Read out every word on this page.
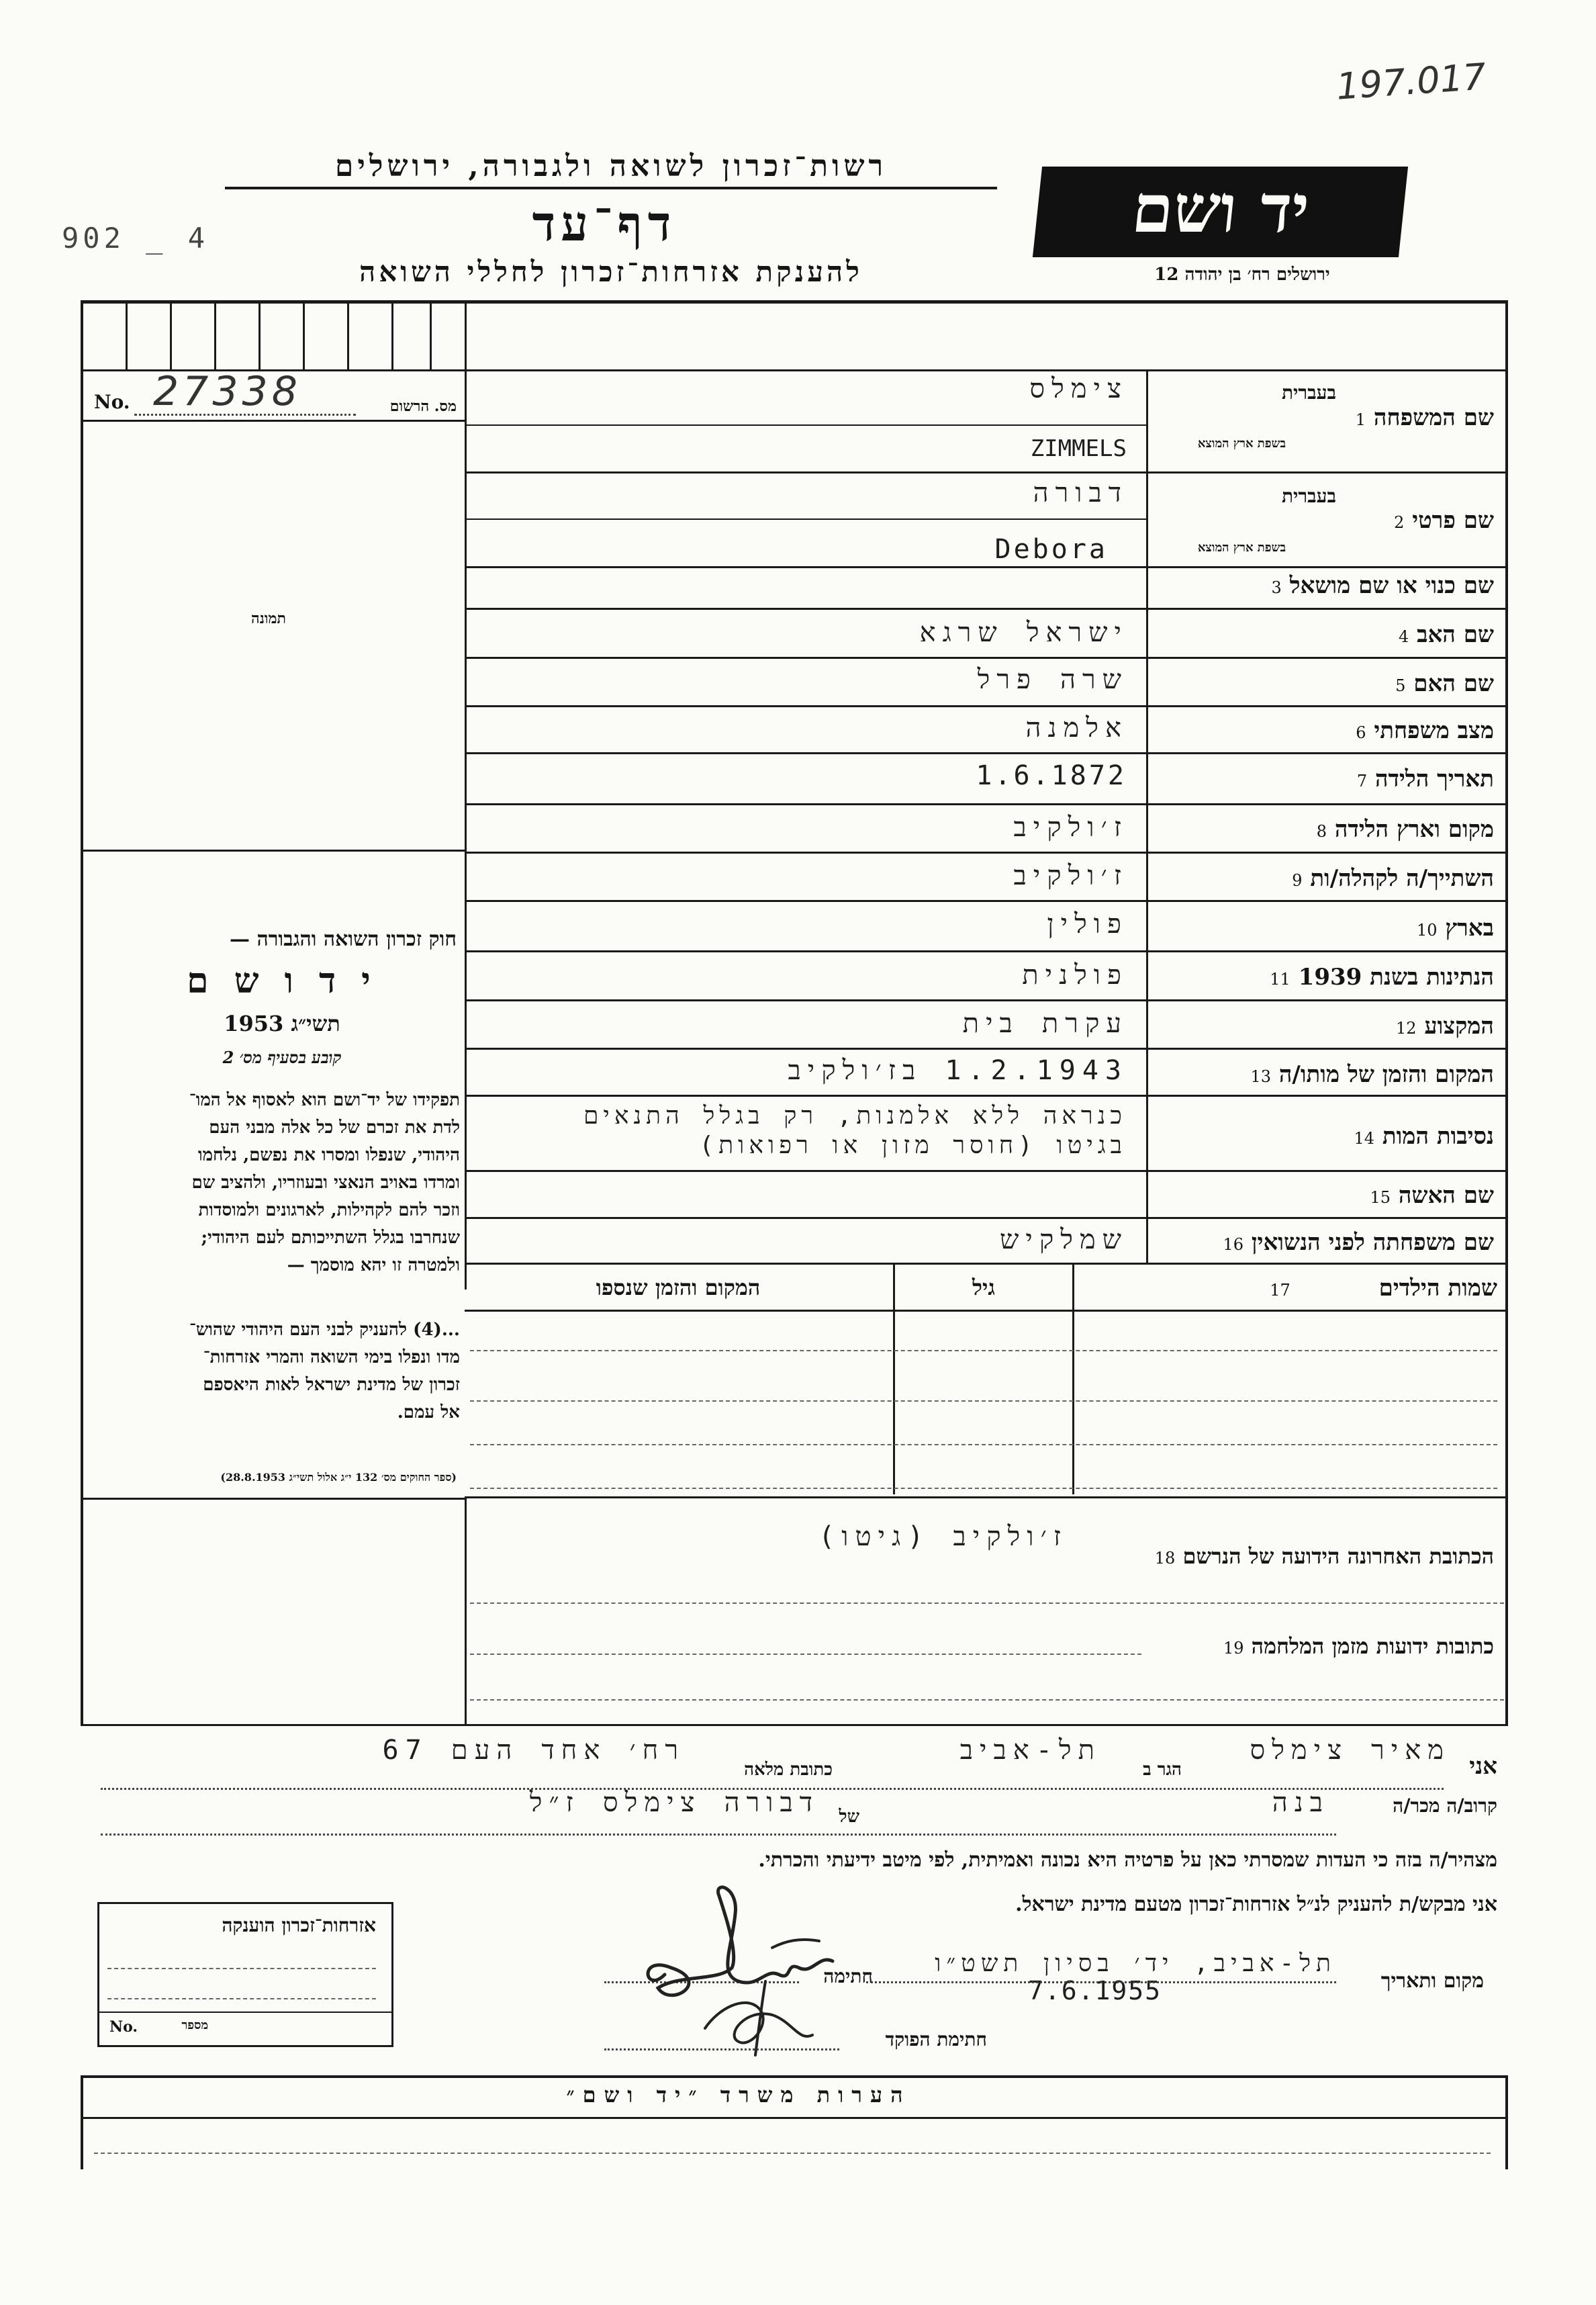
197.017
902 _ 4
רשות־זכרון לשואה ולגבורה, ירושלים
דף־עד
להענקת אזרחות־זכרון לחללי השואה
יד ושם
ירושלים רח׳ בן יהודה 12
No. 27338	מס. הרשום
תמונה
חוק זכרון השואה והגבורה —
י ד ו ש ם
תשי״ג 1953
קובע בסעיף מס׳ 2
תפקידו של יד־ושם הוא לאסוף אל המו־
לדת את זכרם של כל אלה מבני העם
היהודי, שנפלו ומסרו את נפשם, נלחמו
ומרדו באויב הנאצי ובעוזריו, ולהציב שם
וזכר להם לקהילות, לארגונים ולמוסדות
שנחרבו בגלל השתייכותם לעם היהודי;
ולמטרה זו יהא מוסמך —
...(4) להעניק לבני העם היהודי שהוש־
מדו ונפלו בימי השואה והמרי אזרחות־
זכרון של מדינת ישראל לאות היאספם
אל עמם.
(ספר החוקים מס׳ 132 י״ג אלול תשי״ג 28.8.1953)
שם המשפחה 1
בעברית
בשפת ארץ המוצא
צימלס
ZIMMELS
שם פרטי 2
בעברית
בשפת ארץ המוצא
דבורה
Debora
שם כנוי או שם מושאל 3
שם האב 4
ישראל שרגא
שם האם 5
שרה פרל
מצב משפחתי 6
אלמנה
תאריך הלידה 7
1.6.1872
מקום וארץ הלידה 8
ז׳ולקיב
השתייך/ה לקהלה/ות 9
ז׳ולקיב
בארץ 10
פולין
הנתינות בשנת 1939 11
פולנית
המקצוע 12
עקרת בית
המקום והזמן של מותו/ה 13
1.2.1943 בז׳ולקיב
נסיבות המות 14
כנראה ללא אלמנות, רק בגלל התנאים
בגיטו (חוסר מזון או רפואות)
שם האשה 15
שם משפחתה לפני הנשואין 16
שמלקיש
שמות הילדים 17
גיל
המקום והזמן שנספו
הכתובת האחרונה הידועה של הנרשם 18
ז׳ולקיב (גיטו)
כתובות ידועות מזמן המלחמה 19
אני
מאיר צימלס
הגר ב
תל-אביב
כתובת מלאה
רח׳ אחד העם 67
קרוב/ה מכר/ה
בנה
של
דבורה צימלס ז״ל
מצהיר/ה בזה כי העדות שמסרתי כאן על פרטיה היא נכונה ואמיתית, לפי מיטב ידיעתי והכרתי.
אני מבקש/ת להעניק לנ״ל אזרחות־זכרון מטעם מדינת ישראל.
אזרחות־זכרון הוענקה
No.	מספר
מקום ותאריך
תל-אביב, יד׳ בסיון תשט״ו
7.6.1955
חתימה
חתימת הפוקד
הערות משרד ״יד ושם״
